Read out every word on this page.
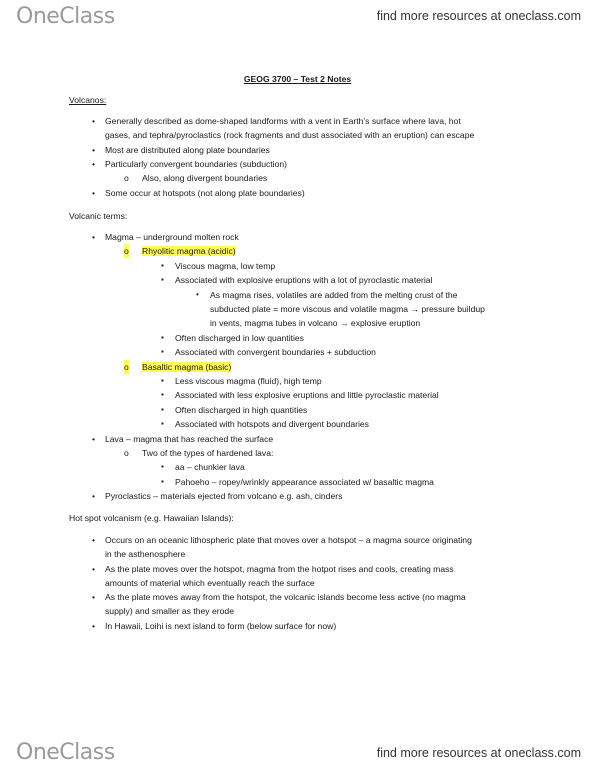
OneClass	find more resources at oneclass.com
GEOG 3700 – Test 2 Notes
Volcanos:
• Generally described as dome-shaped landforms with a vent in Earth’s surface where lava, hot
gases, and tephra/pyroclastics (rock fragments and dust associated with an eruption) can escape
• Most are distributed along plate boundaries
• Particularly convergent boundaries (subduction)
o Also, along divergent boundaries
• Some occur at hotspots (not along plate boundaries)
Volcanic terms:
• Magma – underground molten rock
o Rhyolitic magma (acidic)
▪ Viscous magma, low temp
▪ Associated with explosive eruptions with a lot of pyroclastic material
• As magma rises, volatiles are added from the melting crust of the
subducted plate = more viscous and volatile magma → pressure buildup
in vents, magma tubes in volcano → explosive eruption
▪ Often discharged in low quantities
▪ Associated with convergent boundaries + subduction
o Basaltic magma (basic)
▪ Less viscous magma (fluid), high temp
▪ Associated with less explosive eruptions and little pyroclastic material
▪ Often discharged in high quantities
▪ Associated with hotspots and divergent boundaries
• Lava – magma that has reached the surface
o Two of the types of hardened lava:
▪ aa – chunkier lava
▪ Pahoeho – ropey/wrinkly appearance associated w/ basaltic magma
• Pyroclastics – materials ejected from volcano e.g. ash, cinders
Hot spot volcanism (e.g. Hawaiian Islands):
• Occurs on an oceanic lithospheric plate that moves over a hotspot – a magma source originating
in the asthenosphere
• As the plate moves over the hotspot, magma from the hotpot rises and cools, creating mass
amounts of material which eventually reach the surface
• As the plate moves away from the hotspot, the volcanic islands become less active (no magma
supply) and smaller as they erode
• In Hawaii, Loihi is next island to form (below surface for now)
OneClass	find more resources at oneclass.com
